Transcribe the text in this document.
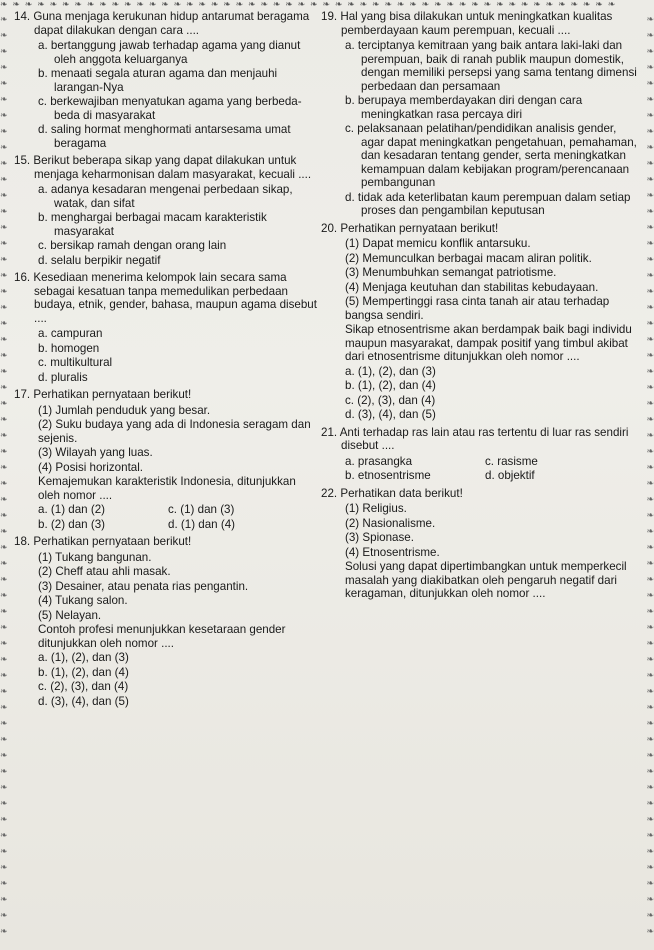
❧ ❧ ❧ ❧ ❧ ❧ ❧ ❧ ❧ ❧ ❧ ❧ ❧ ❧ ❧ ❧ ❧ ❧ ❧ ❧ ❧ ❧ ❧ ❧ ❧ ❧ ❧ ❧ ❧ ❧ ❧ ❧ ❧ ❧ ❧ ❧ ❧ ❧ ❧ ❧ ❧ ❧ ❧ ❧ ❧ ❧ ❧ ❧ ❧ ❧
❧
❧
❧
❧
❧
❧
❧
❧
❧
❧
❧
❧
❧
❧
❧
❧
❧
❧
❧
❧
❧
❧
❧
❧
❧
❧
❧
❧
❧
❧
❧
❧
❧
❧
❧
❧
❧
❧
❧
❧
❧
❧
❧
❧
❧
❧
❧
❧
❧
❧
❧
❧
❧
❧
❧
❧
❧
❧
❧
❧
❧
❧
❧
❧
❧
❧
❧
❧
❧
❧
❧
❧
❧
❧
❧
❧
❧
❧
❧
❧
❧
❧
❧
❧
❧
❧
❧
❧
❧
❧
❧
❧
❧
❧
❧
❧
❧
❧
❧
❧
❧
❧
❧
❧
❧
❧
❧
❧
❧
❧
❧
❧
❧
❧
❧
❧

14. Guna menjaga kerukunan hidup antarumat beragama dapat dilakukan dengan cara ....

a. bertanggung jawab terhadap agama yang dianut oleh anggota keluarganya

b. menaati segala aturan agama dan menjauhi larangan-Nya

c. berkewajiban menyatukan agama yang berbeda-beda di masyarakat

d. saling hormat menghormati antarsesama umat beragama

15. Berikut beberapa sikap yang dapat dilakukan untuk menjaga keharmonisan dalam masyarakat, kecuali ....

a. adanya kesadaran mengenai perbedaan sikap, watak, dan sifat

b. menghargai berbagai macam karakteristik masyarakat

c. bersikap ramah dengan orang lain

d. selalu berpikir negatif

16. Kesediaan menerima kelompok lain secara sama sebagai kesatuan tanpa memedulikan perbedaan budaya, etnik, gender, bahasa, maupun agama disebut ....

a. campuran

b. homogen

c. multikultural

d. pluralis

17. Perhatikan pernyataan berikut!

(1) Jumlah penduduk yang besar.

(2) Suku budaya yang ada di Indonesia seragam dan sejenis.

(3) Wilayah yang luas.

(4) Posisi horizontal.

Kemajemukan karakteristik Indonesia, ditunjukkan oleh nomor ....

a. (1) dan (2)	c. (1) dan (3)
b. (2) dan (3)	d. (1) dan (4)

18. Perhatikan pernyataan berikut!

(1) Tukang bangunan.

(2) Cheff atau ahli masak.

(3) Desainer, atau penata rias pengantin.

(4) Tukang salon.

(5) Nelayan.

Contoh profesi menunjukkan kesetaraan gender ditunjukkan oleh nomor ....

a. (1), (2), dan (3)

b. (1), (2), dan (4)

c. (2), (3), dan (4)

d. (3), (4), dan (5)

19. Hal yang bisa dilakukan untuk meningkatkan kualitas pemberdayaan kaum perempuan, kecuali ....

a. terciptanya kemitraan yang baik antara laki-laki dan perempuan, baik di ranah publik maupun domestik, dengan memiliki persepsi yang sama tentang dimensi perbedaan dan persamaan

b. berupaya memberdayakan diri dengan cara meningkatkan rasa percaya diri

c. pelaksanaan pelatihan/pendidikan analisis gender, agar dapat meningkatkan pengetahuan, pemahaman, dan kesadaran tentang gender, serta meningkatkan kemampuan dalam kebijakan program/perencanaan pembangunan

d. tidak ada keterlibatan kaum perempuan dalam setiap proses dan pengambilan keputusan

20. Perhatikan pernyataan berikut!

(1) Dapat memicu konflik antarsuku.

(2) Memunculkan berbagai macam aliran politik.

(3) Menumbuhkan semangat patriotisme.

(4) Menjaga keutuhan dan stabilitas kebudayaan.

(5) Mempertinggi rasa cinta tanah air atau terhadap bangsa sendiri.

Sikap etnosentrisme akan berdampak baik bagi individu maupun masyarakat, dampak positif yang timbul akibat dari etnosentrisme ditunjukkan oleh nomor ....

a. (1), (2), dan (3)

b. (1), (2), dan (4)

c. (2), (3), dan (4)

d. (3), (4), dan (5)

21. Anti terhadap ras lain atau ras tertentu di luar ras sendiri disebut ....

a. prasangka	c. rasisme
b. etnosentrisme	d. objektif

22. Perhatikan data berikut!

(1) Religius.

(2) Nasionalisme.

(3) Spionase.

(4) Etnosentrisme.

Solusi yang dapat dipertimbangkan untuk memperkecil masalah yang diakibatkan oleh pengaruh negatif dari keragaman, ditunjukkan oleh nomor ....
